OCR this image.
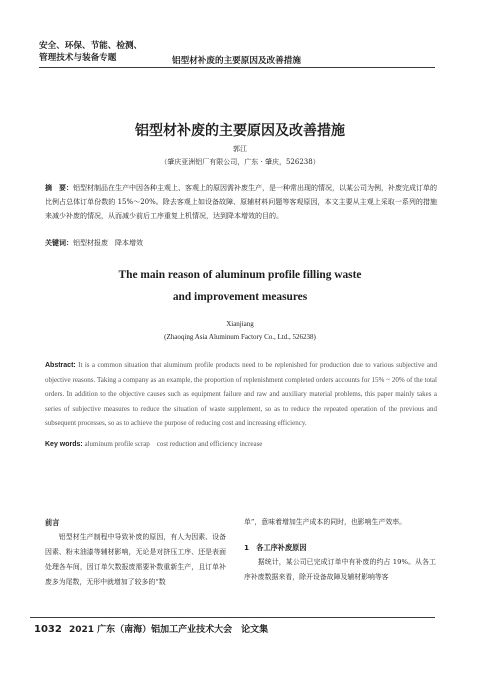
安全、环保、节能、检测、
管理技术与装备专题	铝型材补废的主要原因及改善措施
铝型材补废的主要原因及改善措施
郭江
（肇庆亚洲铝厂有限公司，广东 · 肇庆，526238）
摘　要：铝型材制品在生产中因各种主观上、客观上的原因需补废生产，是一种常出现的情况，以某公司为例，补废完成订单的比例占总体订单份数的 15%～20%。除去客观上如设备故障、原辅材料问题等客观原因，本文主要从主观上采取一系列的措施来减少补废的情况，从而减少前后工序重复上机情况，达到降本增效的目的。
关键词：铝型材报废　降本增效
The main reason of aluminum profile filling waste
and improvement measures
Xianjiang
(Zhaoqing Asia Aluminum Factory Co., Ltd., 526238)
Abstract: It is a common situation that aluminum profile products need to be replenished for production due to various subjective and objective reasons. Taking a company as an example, the proportion of replenishment completed orders accounts for 15% ~ 20% of the total orders. In addition to the objective causes such as equipment failure and raw and auxiliary material problems, this paper mainly takes a series of subjective measures to reduce the situation of waste supplement, so as to reduce the repeated operation of the previous and subsequent processes, so as to achieve the purpose of reducing cost and increasing efficiency.
Key words: aluminum profile scrap　cost reduction and efficiency increase
前言

铝型材生产制程中导致补废的原因，有人为因素、设备因素、粉末油漆等辅材影响，无论是对挤压工序、还是表面处理各车间，因订单欠数报废需要补数重新生产，且订单补废多为尾数，无形中就增加了较多的“数

单”，意味着增加生产成本的同时，也影响生产效率。

1　各工序补废原因

据统计，某公司已完成订单中有补废的约占 19%。从各工序补废数据来看，除开设备故障及辅材影响等客

1032 2021 广东（南海）铝加工产业技术大会　论文集
